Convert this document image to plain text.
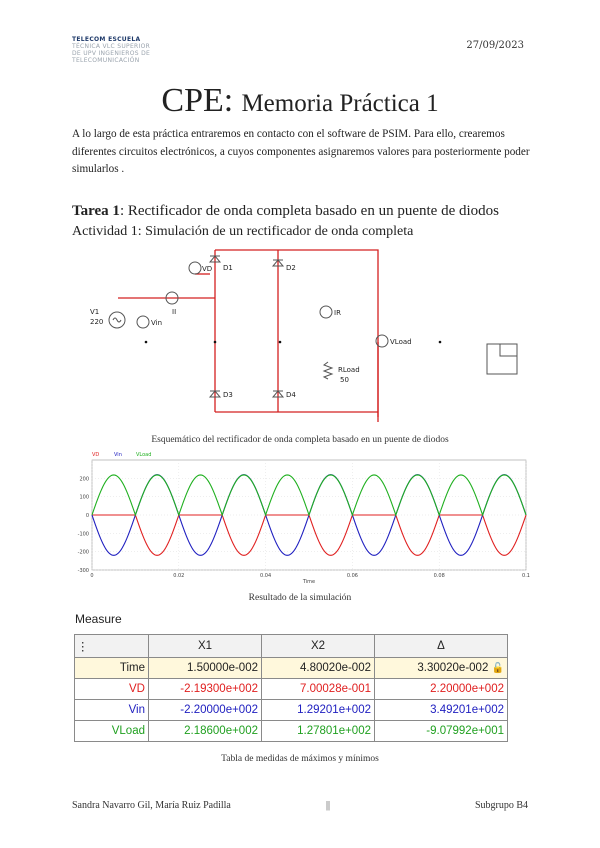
TELECOM ESCUELA
TÉCNICA VLC SUPERIOR
DE UPV INGENIEROS DE
TELECOMUNICACIÓN
27/09/2023
CPE: Memoria Práctica 1
A lo largo de esta práctica entraremos en contacto con el software de PSIM. Para ello, crearemos diferentes circuitos electrónicos, a cuyos componentes asignaremos valores para posteriormente poder simularlos .
Tarea 1: Rectificador de onda completa basado en un puente de diodos
Actividad 1: Simulación de un rectificador de onda completa
V1
220	Vin
II
VD D1	D2
D3	D4
IR
VLoad
RLoad
50
Esquemático del rectificador de onda completa basado en un puente de diodos
200
100
0
-100
-200
-300
0	0.02	0.04	0.06	0.08	0.1
Time
VD	Vin	VLoad
Resultado de la simulación
Measure
⋮	X1	X2	Δ
Time	1.50000e-002	4.80020e-002	3.30020e-002 🔓
VD	-2.19300e+002	7.00028e-001	2.20000e+002
Vin	-2.20000e+002	1.29201e+002	3.49201e+002
VLoad	2.18600e+002	1.27801e+002	-9.07992e+001
Tabla de medidas de máximos y mínimos
Sandra Navarro Gil, María Ruiz Padilla	||	Subgrupo B4
